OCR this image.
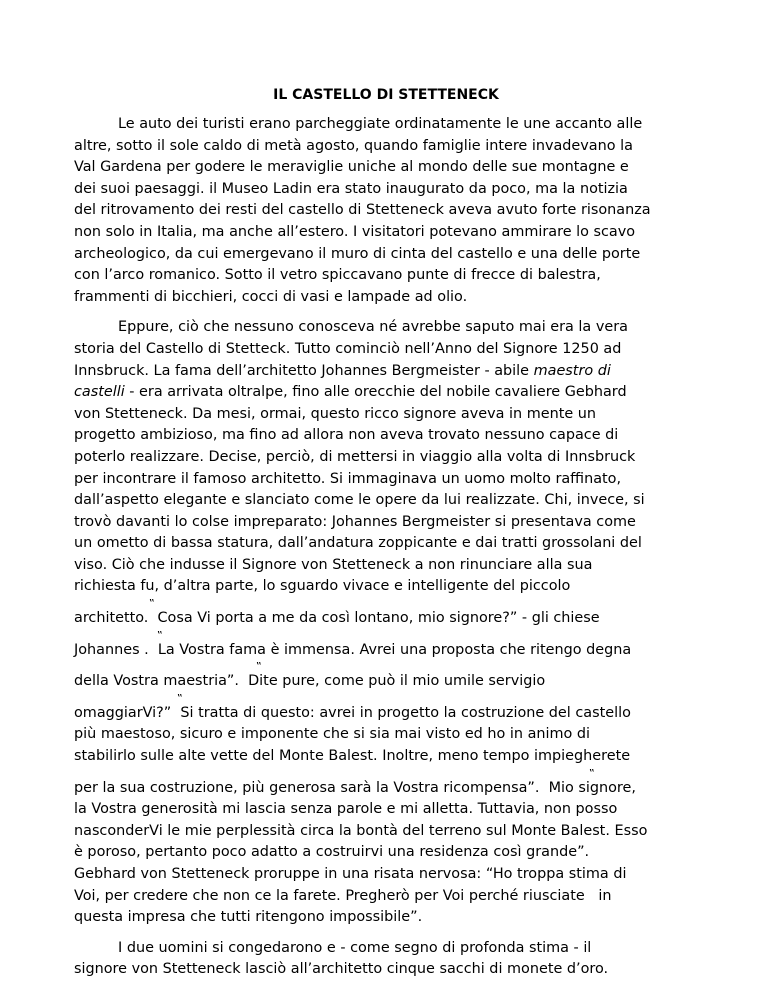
IL CASTELLO DI STETTENECK
Le auto dei turisti erano parcheggiate ordinatamente le une accanto alle
altre, sotto il sole caldo di metà agosto, quando famiglie intere invadevano la
Val Gardena per godere le meraviglie uniche al mondo delle sue montagne e
dei suoi paesaggi. il Museo Ladin era stato inaugurato da poco, ma la notizia
del ritrovamento dei resti del castello di Stetteneck aveva avuto forte risonanza
non solo in Italia, ma anche all’estero. I visitatori potevano ammirare lo scavo
archeologico, da cui emergevano il muro di cinta del castello e una delle porte
con l’arco romanico. Sotto il vetro spiccavano punte di frecce di balestra,
frammenti di bicchieri, cocci di vasi e lampade ad olio.
Eppure, ciò che nessuno conosceva né avrebbe saputo mai era la vera
storia del Castello di Stetteck. Tutto cominciò nell’Anno del Signore 1250 ad
Innsbruck. La fama dell’architetto Johannes Bergmeister - abile maestro di
castelli - era arrivata oltralpe, fino alle orecchie del nobile cavaliere Gebhard
von Stetteneck. Da mesi, ormai, questo ricco signore aveva in mente un
progetto ambizioso, ma fino ad allora non aveva trovato nessuno capace di
poterlo realizzare. Decise, perciò, di mettersi in viaggio alla volta di Innsbruck
per incontrare il famoso architetto. Si immaginava un uomo molto raffinato,
dall’aspetto elegante e slanciato come le opere da lui realizzate. Chi, invece, si
trovò davanti lo colse impreparato: Johannes Bergmeister si presentava come
un ometto di bassa statura, dall’andatura zoppicante e dai tratti grossolani del
viso. Ciò che indusse il Signore von Stetteneck a non rinunciare alla sua
richiesta fu, d’altra parte, lo sguardo vivace e intelligente del piccolo
‟
architetto.  Cosa Vi porta a me da così lontano, mio signore?” - gli chiese
‟
Johannes .  La Vostra fama è immensa. Avrei una proposta che ritengo degna
‟
della Vostra maestria”.  Dite pure, come può il mio umile servigio
‟
omaggiarVi?”  Si tratta di questo: avrei in progetto la costruzione del castello
più maestoso, sicuro e imponente che si sia mai visto ed ho in animo di
stabilirlo sulle alte vette del Monte Balest. Inoltre, meno tempo impiegherete
‟
per la sua costruzione, più generosa sarà la Vostra ricompensa”.  Mio signore,
la Vostra generosità mi lascia senza parole e mi alletta. Tuttavia, non posso
nasconderVi le mie perplessità circa la bontà del terreno sul Monte Balest. Esso
è poroso, pertanto poco adatto a costruirvi una residenza così grande”.
Gebhard von Stetteneck proruppe in una risata nervosa: “Ho troppa stima di
Voi, per credere che non ce la farete. Pregherò per Voi perché riusciate   in
questa impresa che tutti ritengono impossibile”.
I due uomini si congedarono e - come segno di profonda stima - il
signore von Stetteneck lasciò all’architetto cinque sacchi di monete d’oro.
